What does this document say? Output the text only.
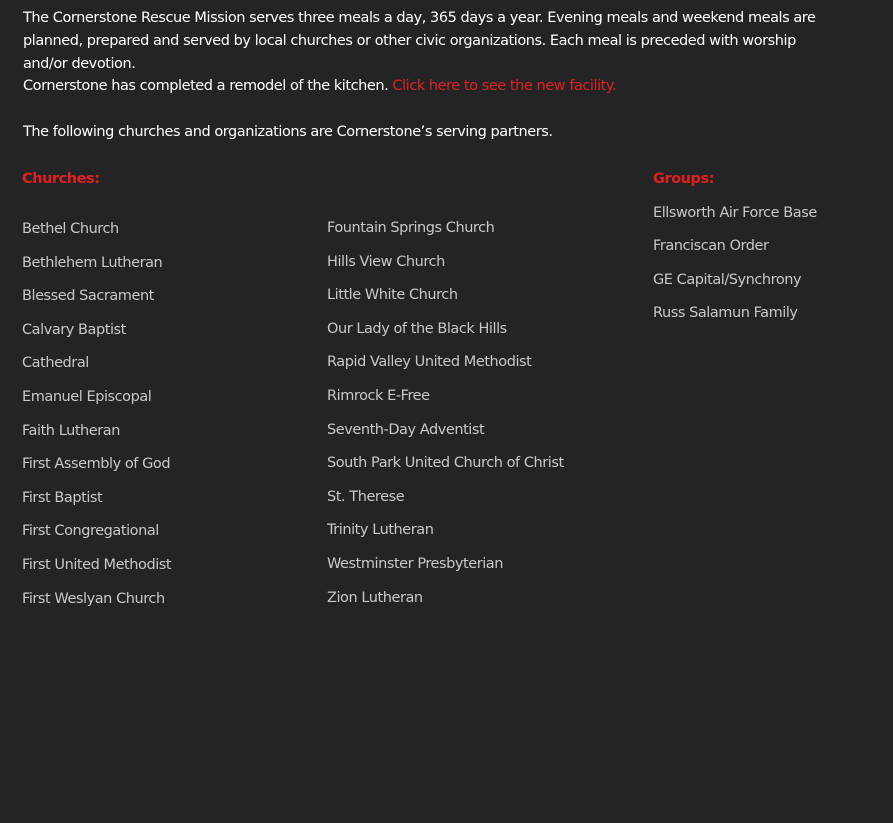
The Cornerstone Rescue Mission serves three meals a day, 365 days a year. Evening meals and weekend meals are planned, prepared and served by local churches or other civic organizations. Each meal is preceded with worship and/or devotion.

Cornerstone has completed a remodel of the kitchen. Click here to see the new facility.

The following churches and organizations are Cornerstone’s serving partners.

Churches:	Groups:
Bethel Church
Bethlehem Lutheran
Blessed Sacrament
Calvary Baptist
Cathedral
Emanuel Episcopal
Faith Lutheran
First Assembly of God
First Baptist
First Congregational
First United Methodist
First Weslyan Church
Fountain Springs Church
Hills View Church
Little White Church
Our Lady of the Black Hills
Rapid Valley United Methodist
Rimrock E-Free
Seventh-Day Adventist
South Park United Church of Christ
St. Therese
Trinity Lutheran
Westminster Presbyterian
Zion Lutheran
Ellsworth Air Force Base
Franciscan Order
GE Capital/Synchrony
Russ Salamun Family
